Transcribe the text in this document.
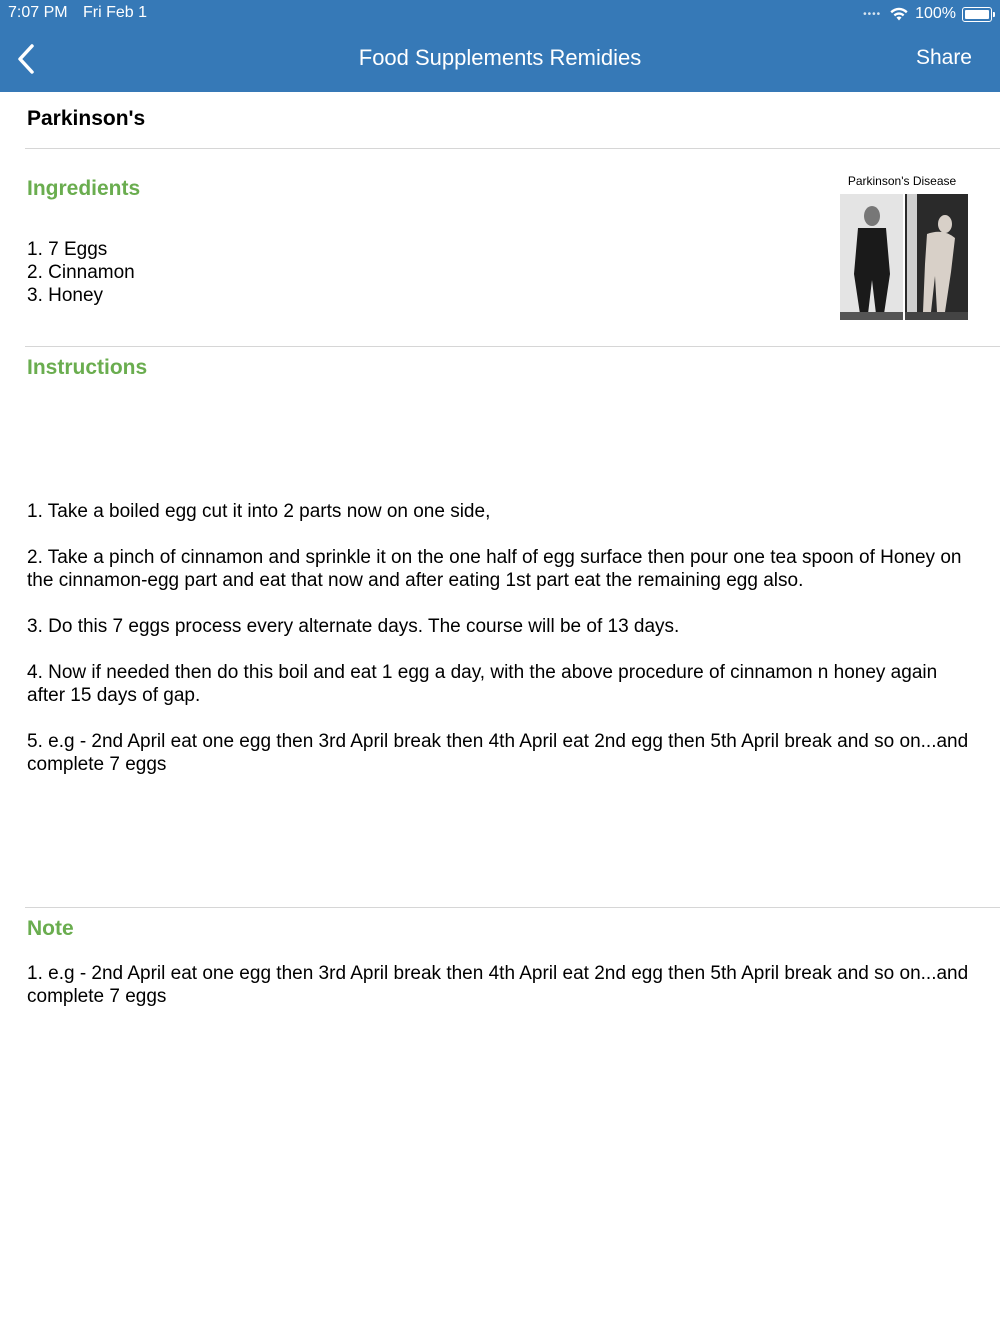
7:07 PM Fri Feb 1	•••• 100%
Food Supplements Remidies	Share
Parkinson's
Ingredients
1. 7 Eggs
2. Cinnamon
3. Honey
Parkinson's Disease
Instructions

1. Take a boiled egg cut it into 2 parts now on one side,

2. Take a pinch of cinnamon and sprinkle it on the one half of egg surface then pour one tea spoon of Honey on the cinnamon-egg part and eat that now and after eating 1st part eat the remaining egg also.

3. Do this 7 eggs process every alternate days. The course will be of 13 days.

4. Now if needed then do this boil and eat 1 egg a day, with the above procedure of cinnamon n honey again after 15 days of gap.

5. e.g - 2nd April eat one egg then 3rd April break then 4th April eat 2nd egg then 5th April break and so on...and complete 7 eggs

Note

1. e.g - 2nd April eat one egg then 3rd April break then 4th April eat 2nd egg then 5th April break and so on...and complete 7 eggs
